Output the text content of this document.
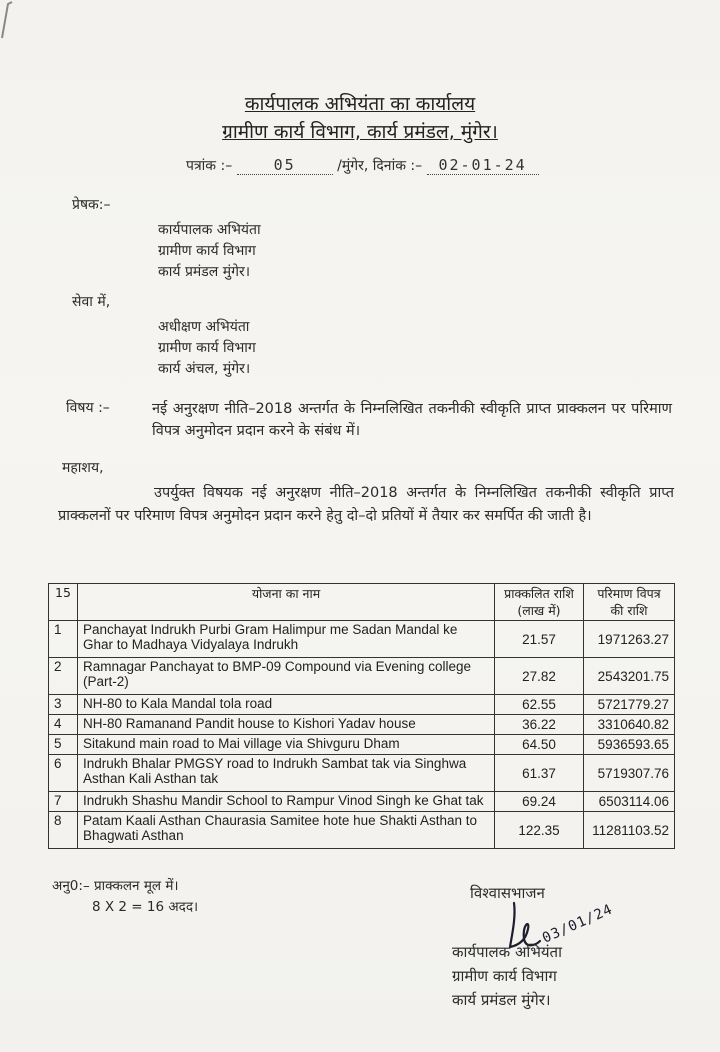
कार्यपालक अभियंता का कार्यालय
ग्रामीण कार्य विभाग, कार्य प्रमंडल, मुंगेर।
पत्रांक :–	05	/मुंगेर, दिनांक :– 02-01-24
प्रेषक:–
कार्यपालक अभियंता
ग्रामीण कार्य विभाग
कार्य प्रमंडल मुंगेर।
सेवा में,
अधीक्षण अभियंता
ग्रामीण कार्य विभाग
कार्य अंचल, मुंगेर।
विषय :–	नई अनुरक्षण नीति–2018 अन्तर्गत के निम्नलिखित तकनीकी स्वीकृति प्राप्त प्राक्कलन पर परिमाण विपत्र अनुमोदन प्रदान करने के संबंध में।
महाशय,
उपर्युक्त विषयक नई अनुरक्षण नीति–2018 अन्तर्गत के निम्नलिखित तकनीकी स्वीकृति प्राप्त प्राक्कलनों पर परिमाण विपत्र अनुमोदन प्रदान करने हेतु दो–दो प्रतियों में तैयार कर समर्पित की जाती है।
15	योजना का नाम	प्राक्कलित राशि (लाख में)	परिमाण विपत्र की राशि
1	Panchayat Indrukh Purbi Gram Halimpur me Sadan Mandal ke Ghar to Madhaya Vidyalaya Indrukh	21.57	1971263.27
2	Ramnagar Panchayat to BMP-09 Compound via Evening college (Part-2)	27.82	2543201.75
3	NH-80 to Kala Mandal tola road	62.55	5721779.27
4	NH-80 Ramanand Pandit house to Kishori Yadav house	36.22	3310640.82
5	Sitakund main road to Mai village via Shivguru Dham	64.50	5936593.65
6	Indrukh Bhalar PMGSY road to Indrukh Sambat tak via Singhwa Asthan Kali Asthan tak	61.37	5719307.76
7	Indrukh Shashu Mandir School to Rampur Vinod Singh ke Ghat tak	69.24	6503114.06
8	Patam Kaali Asthan Chaurasia Samitee hote hue Shakti Asthan to Bhagwati Asthan	122.35	11281103.52
अनु0:– प्राक्कलन मूल में।
8 X 2 = 16 अदद।
विश्वासभाजन
03/01/24
कार्यपालक अभियंता
ग्रामीण कार्य विभाग
कार्य प्रमंडल मुंगेर।
